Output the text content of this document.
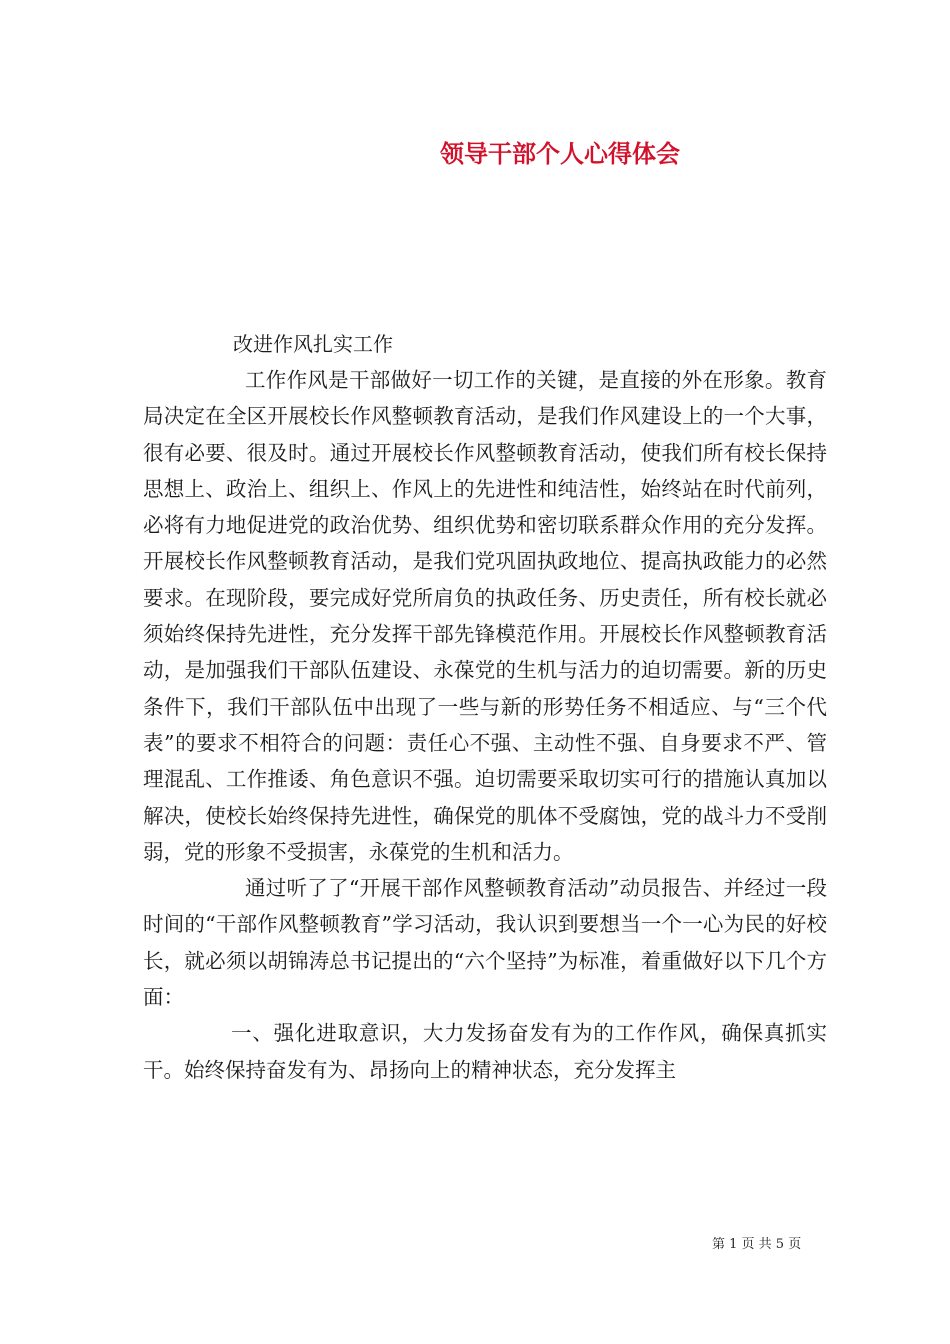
领导干部个人心得体会
改进作风扎实工作

工作作风是干部做好一切工作的关键，是直接的外在形象。教育局决定在全区开展校长作风整顿教育活动，是我们作风建设上的一个大事，很有必要、很及时。通过开展校长作风整顿教育活动，使我们所有校长保持思想上、政治上、组织上、作风上的先进性和纯洁性，始终站在时代前列，必将有力地促进党的政治优势、组织优势和密切联系群众作用的充分发挥。开展校长作风整顿教育活动，是我们党巩固执政地位、提高执政能力的必然要求。在现阶段，要完成好党所肩负的执政任务、历史责任，所有校长就必须始终保持先进性，充分发挥干部先锋模范作用。开展校长作风整顿教育活动，是加强我们干部队伍建设、永葆党的生机与活力的迫切需要。新的历史条件下，我们干部队伍中出现了一些与新的形势任务不相适应、与“三个代表”的要求不相符合的问题：责任心不强、主动性不强、自身要求不严、管理混乱、工作推诿、角色意识不强。迫切需要采取切实可行的措施认真加以解决，使校长始终保持先进性，确保党的肌体不受腐蚀，党的战斗力不受削弱，党的形象不受损害，永葆党的生机和活力。

通过听了了“开展干部作风整顿教育活动”动员报告、并经过一段时间的“干部作风整顿教育”学习活动，我认识到要想当一个一心为民的好校长，就必须以胡锦涛总书记提出的“六个坚持”为标准，着重做好以下几个方面：

一、强化进取意识，大力发扬奋发有为的工作作风，确保真抓实干。始终保持奋发有为、昂扬向上的精神状态，充分发挥主

第 1 页 共 5 页
